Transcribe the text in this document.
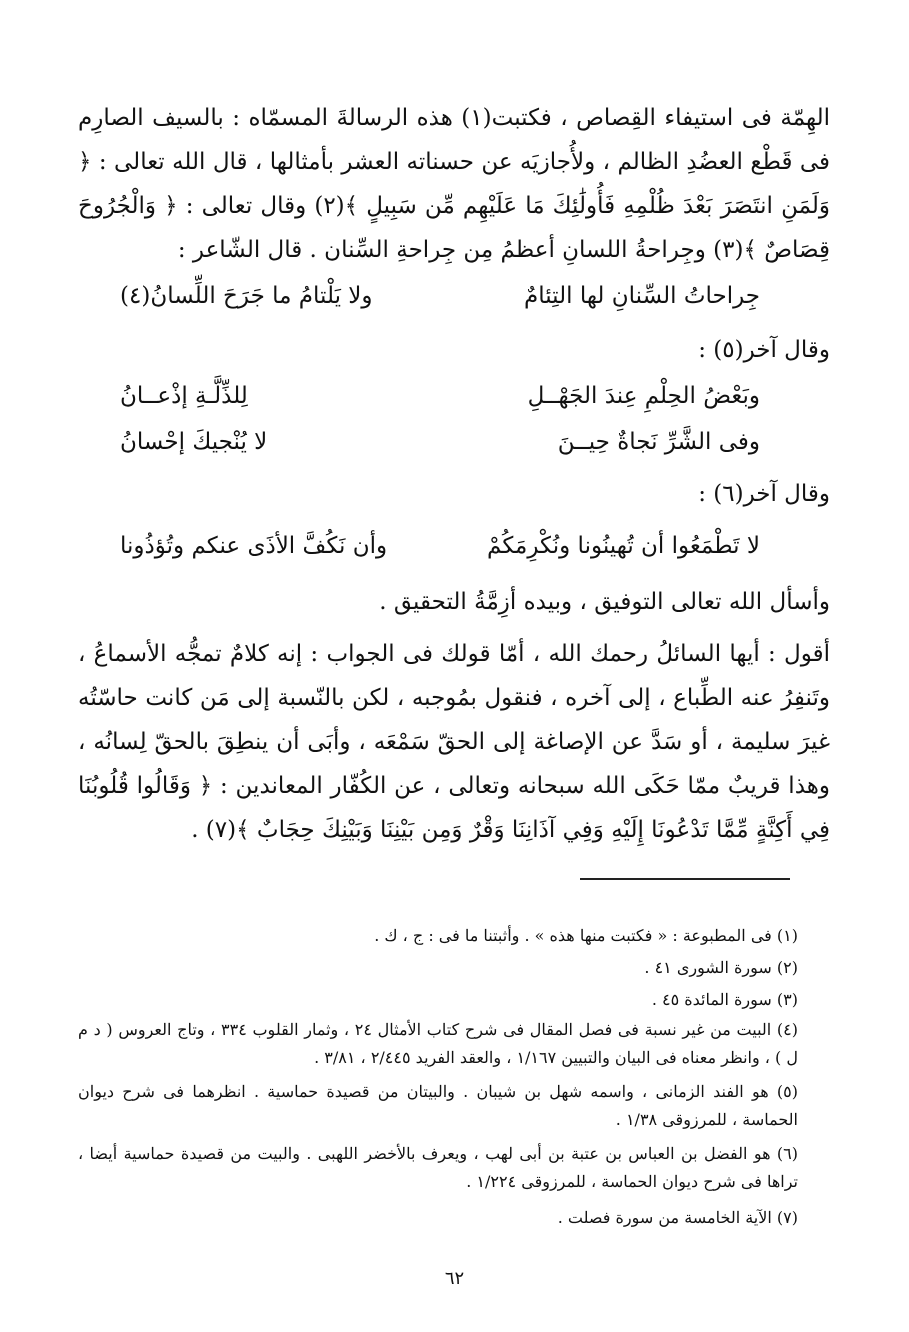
الهِمّة فى استيفاء القِصاص ، فكتبت(١) هذه الرسالةَ المسمّاه : بالسيف الصارِم فى قَطْع العضُدِ الظالم ، ولأُجازيَه عن حسناته العشر بأمثالها ، قال الله تعالى : ﴿ وَلَمَنِ انتَصَرَ بَعْدَ ظُلْمِهِ فَأُولَٰئِكَ مَا عَلَيْهِم مِّن سَبِيلٍ ﴾(٢) وقال تعالى : ﴿ وَالْجُرُوحَ قِصَاصٌ ﴾(٣) وجِراحةُ اللسانِ أعظمُ مِن جِراحةِ السِّنان . قال الشّاعر :

جِراحاتُ السِّنانِ لها التِئامٌ
ولا يَلْتامُ ما جَرَحَ اللِّسانُ(٤)
وقال آخر(٥) :
وبَعْضُ الحِلْمِ عِندَ الجَهْــلِ
لِلذِّلَّـةِ إذْعــانُ
وفى الشَّرِّ نَجاةٌ حِيــنَ
لا يُنْجيكَ إحْسانُ
وقال آخر(٦) :
لا تَطْمَعُوا أن تُهينُونا ونُكْرِمَكُمْ
وأن نَكُفَّ الأذَى عنكم وتُؤذُونا
وأسأل الله تعالى التوفيق ، وبيده أزِمَّةُ التحقيق .

أقول : أيها السائلُ رحمك الله ، أمّا قولك فى الجواب : إنه كلامٌ تمجُّه الأسماعُ ، وتَنفِرُ عنه الطِّباع ، إلى آخره ، فنقول بمُوجبه ، لكن بالنّسبة إلى مَن كانت حاسّتُه غيرَ سليمة ، أو سَدَّ عن الإصاغة إلى الحقّ سَمْعَه ، وأبَى أن ينطِقَ بالحقّ لِسانُه ، وهذا قريبٌ ممّا حَكَى الله سبحانه وتعالى ، عن الكُفّار المعاندين : ﴿ وَقَالُوا قُلُوبُنَا فِي أَكِنَّةٍ مِّمَّا تَدْعُونَا إِلَيْهِ وَفِي آذَانِنَا وَقْرٌ وَمِن بَيْنِنَا وَبَيْنِكَ حِجَابٌ ﴾(٧) .

(١) فى المطبوعة : « فكتبت منها هذه » . وأثبتنا ما فى : ج ، ك .

(٢) سورة الشورى ٤١ .

(٣) سورة المائدة ٤٥ .

(٤) البيت من غير نسبة فى فصل المقال فى شرح كتاب الأمثال ٢٤ ، وثمار القلوب ٣٣٤ ، وتاج العروس ( د م ل ) ، وانظر معناه فى البيان والتبيين ١/١٦٧ ، والعقد الفريد ٢/٤٤٥ ، ٣/٨١ .

(٥) هو الفند الزمانى ، واسمه شهل بن شيبان . والبيتان من قصيدة حماسية . انظرهما فى شرح ديوان الحماسة ، للمرزوقى ١/٣٨ .

(٦) هو الفضل بن العباس بن عتبة بن أبى لهب ، ويعرف بالأخضر اللهبى . والبيت من قصيدة حماسية أيضا ، تراها فى شرح ديوان الحماسة ، للمرزوقى ١/٢٢٤ .

(٧) الآية الخامسة من سورة فصلت .

٦٢
